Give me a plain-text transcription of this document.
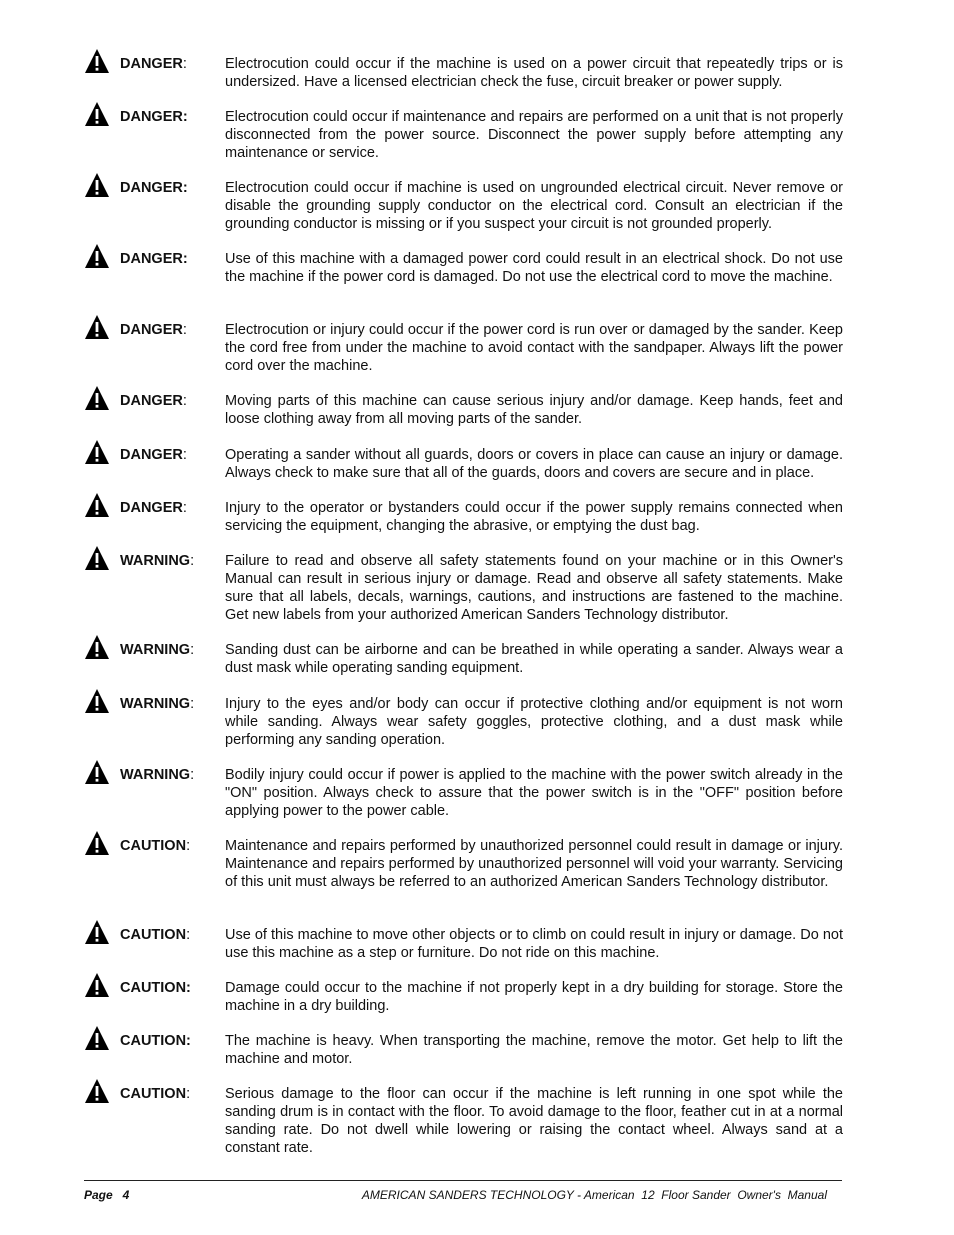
DANGER:	Electrocution could occur if the machine is used on a power circuit that repeatedly trips or is undersized. Have a licensed electrician check the fuse, circuit breaker or power supply.
DANGER:	Electrocution could occur if maintenance and repairs are performed on a unit that is not properly disconnected from the power source. Disconnect the power supply before attempting any maintenance or service.
DANGER:	Electrocution could occur if machine is used on ungrounded electrical circuit. Never remove or disable the grounding supply conductor on the electrical cord. Consult an electrician if the grounding conductor is missing or if you suspect your circuit is not grounded properly.
DANGER:	Use of this machine with a damaged power cord could result in an electrical shock. Do not use the machine if the power cord is damaged. Do not use the electrical cord to move the machine.
DANGER:	Electrocution or injury could occur if the power cord is run over or damaged by the sander. Keep the cord free from under the machine to avoid contact with the sandpaper. Always lift the power cord over the machine.
DANGER:	Moving parts of this machine can cause serious injury and/or damage. Keep hands, feet and loose clothing away from all moving parts of the sander.
DANGER:	Operating a sander without all guards, doors or covers in place can cause an injury or damage. Always check to make sure that all of the guards, doors and covers are secure and in place.
DANGER:	Injury to the operator or bystanders could occur if the power supply remains connected when servicing the equipment, changing the abrasive, or emptying the dust bag.
WARNING: Failure to read and observe all safety statements found on your machine or in this Owner's Manual can result in serious injury or damage. Read and observe all safety statements. Make sure that all labels, decals, warnings, cautions, and instructions are fastened to the machine. Get new labels from your authorized American Sanders Technology distributor.
WARNING: Sanding dust can be airborne and can be breathed in while operating a sander. Always wear a dust mask while operating sanding equipment.
WARNING: Injury to the eyes and/or body can occur if protective clothing and/or equipment is not worn while sanding. Always wear safety goggles, protective clothing, and a dust mask while performing any sanding operation.
WARNING: Bodily injury could occur if power is applied to the machine with the power switch already in the "ON" position. Always check to assure that the power switch is in the "OFF" position before applying power to the power cable.
CAUTION: Maintenance and repairs performed by unauthorized personnel could result in damage or injury. Maintenance and repairs performed by unauthorized personnel will void your warranty. Servicing of this unit must always be referred to an authorized American Sanders Technology distributor.
CAUTION: Use of this machine to move other objects or to climb on could result in injury or damage. Do not use this machine as a step or furniture. Do not ride on this machine.
CAUTION: Damage could occur to the machine if not properly kept in a dry building for storage. Store the machine in a dry building.
CAUTION: The machine is heavy. When transporting the machine, remove the motor. Get help to lift the machine and motor.
CAUTION: Serious damage to the floor can occur if the machine is left running in one spot while the sanding drum is in contact with the floor. To avoid damage to the floor, feather cut in at a normal sanding rate. Do not dwell while lowering or raising the contact wheel. Always sand at a constant rate.
Page   4	AMERICAN SANDERS TECHNOLOGY - American  12  Floor Sander  Owner's  Manual
